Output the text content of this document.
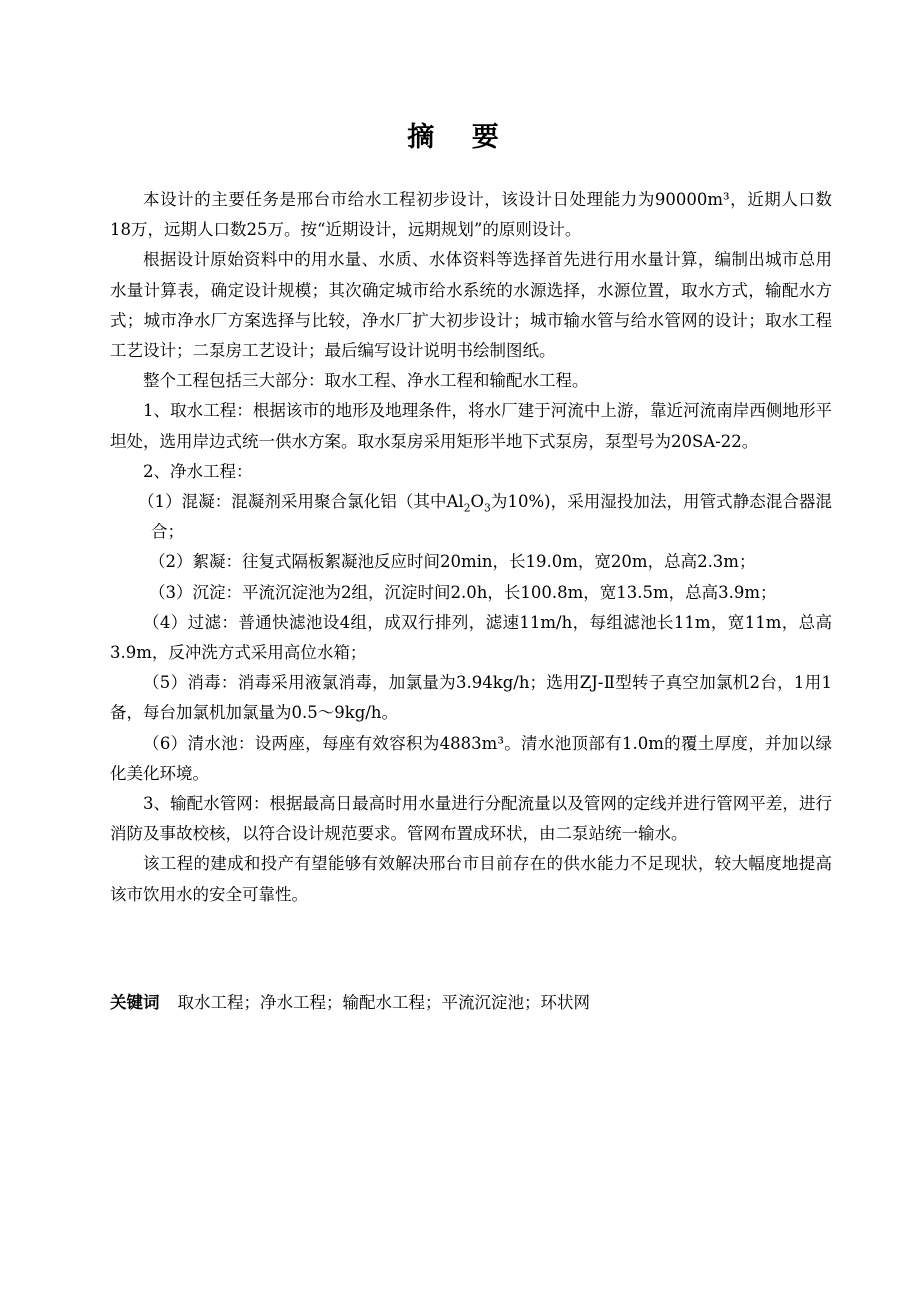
摘 要

本设计的主要任务是邢台市给水工程初步设计，该设计日处理能力为90000m³，近期人口数18万，远期人口数25万。按“近期设计，远期规划”的原则设计。

根据设计原始资料中的用水量、水质、水体资料等选择首先进行用水量计算，编制出城市总用水量计算表，确定设计规模；其次确定城市给水系统的水源选择，水源位置，取水方式，输配水方式；城市净水厂方案选择与比较，净水厂扩大初步设计；城市输水管与给水管网的设计；取水工程工艺设计；二泵房工艺设计；最后编写设计说明书绘制图纸。

整个工程包括三大部分：取水工程、净水工程和输配水工程。

1、取水工程：根据该市的地形及地理条件，将水厂建于河流中上游，靠近河流南岸西侧地形平坦处，选用岸边式统一供水方案。取水泵房采用矩形半地下式泵房，泵型号为20SA-22。

2、净水工程：

（1）混凝：混凝剂采用聚合氯化铝（其中$Al_2O_3$为10%)，采用湿投加法，用管式静态混合器混合；

（2）絮凝：往复式隔板絮凝池反应时间20min，长19.0m，宽20m，总高2.3m；

（3）沉淀：平流沉淀池为2组，沉淀时间2.0h，长100.8m，宽13.5m，总高3.9m；

（4）过滤：普通快滤池设4组，成双行排列，滤速11m/h，每组滤池长11m，宽11m，总高3.9m，反冲洗方式采用高位水箱；

（5）消毒：消毒采用液氯消毒，加氯量为3.94kg/h；选用ZJ-Ⅱ型转子真空加氯机2台，1用1备，每台加氯机加氯量为0.5～9kg/h。

（6）清水池：设两座，每座有效容积为4883m³。清水池顶部有1.0m的覆土厚度，并加以绿化美化环境。

3、输配水管网：根据最高日最高时用水量进行分配流量以及管网的定线并进行管网平差，进行消防及事故校核，以符合设计规范要求。管网布置成环状，由二泵站统一输水。

该工程的建成和投产有望能够有效解决邢台市目前存在的供水能力不足现状，较大幅度地提高该市饮用水的安全可靠性。

关键词 取水工程；净水工程；输配水工程；平流沉淀池；环状网
